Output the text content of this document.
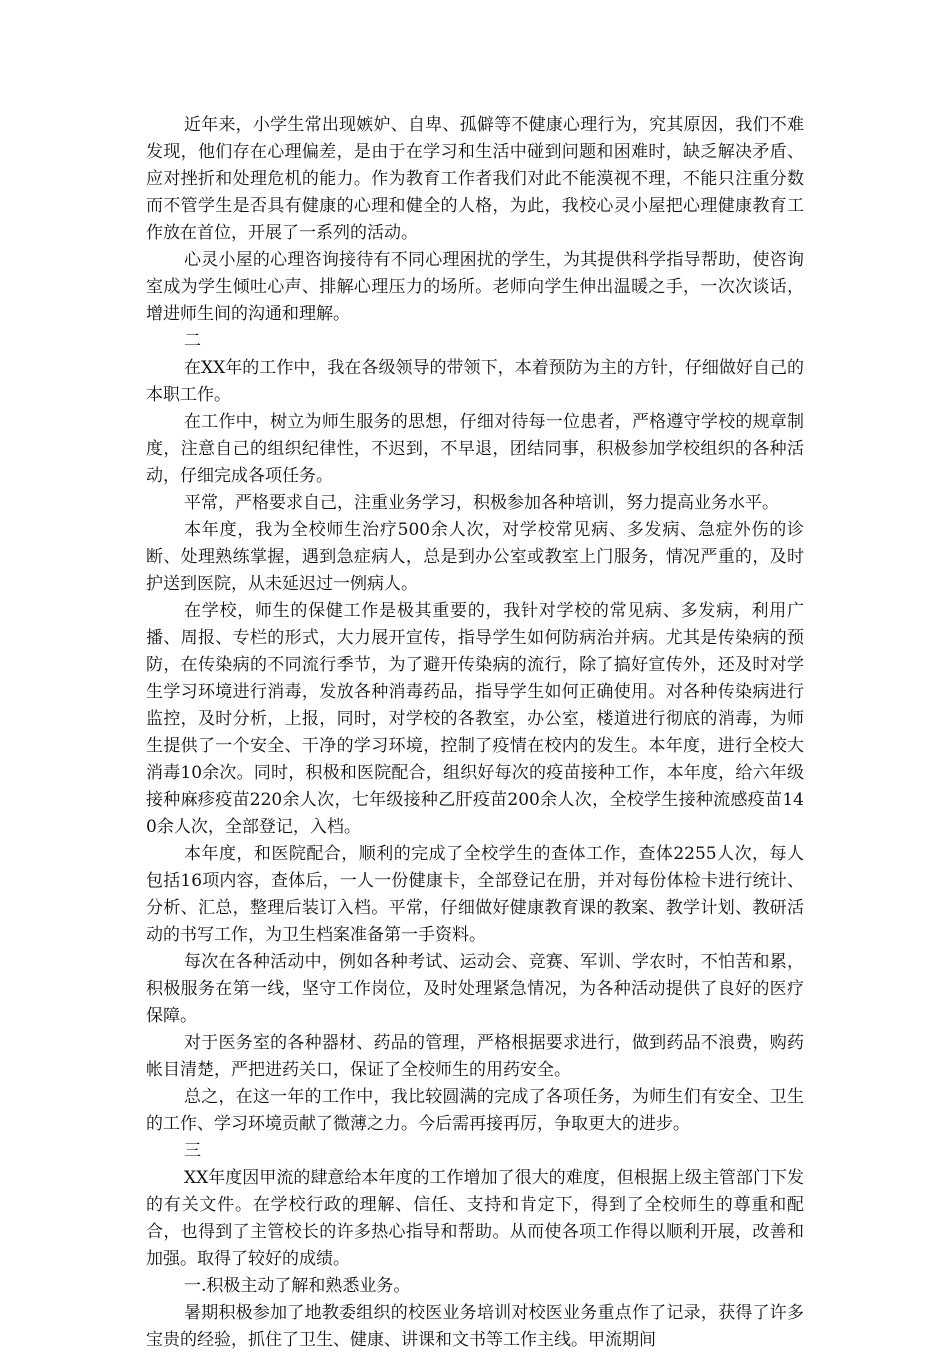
近年来，小学生常出现嫉妒、自卑、孤僻等不健康心理行为，究其原因，我们不难发现，他们存在心理偏差，是由于在学习和生活中碰到问题和困难时，缺乏解决矛盾、应对挫折和处理危机的能力。作为教育工作者我们对此不能漠视不理，不能只注重分数而不管学生是否具有健康的心理和健全的人格，为此，我校心灵小屋把心理健康教育工作放在首位，开展了一系列的活动。

心灵小屋的心理咨询接待有不同心理困扰的学生，为其提供科学指导帮助，使咨询室成为学生倾吐心声、排解心理压力的场所。老师向学生伸出温暖之手，一次次谈话，增进师生间的沟通和理解。

二

在XX年的工作中，我在各级领导的带领下，本着预防为主的方针，仔细做好自己的本职工作。

在工作中，树立为师生服务的思想，仔细对待每一位患者，严格遵守学校的规章制度，注意自己的组织纪律性，不迟到，不早退，团结同事，积极参加学校组织的各种活动，仔细完成各项任务。

平常，严格要求自己，注重业务学习，积极参加各种培训，努力提高业务水平。

本年度，我为全校师生治疗500余人次，对学校常见病、多发病、急症外伤的诊断、处理熟练掌握，遇到急症病人，总是到办公室或教室上门服务，情况严重的，及时护送到医院，从未延迟过一例病人。

在学校，师生的保健工作是极其重要的，我针对学校的常见病、多发病，利用广播、周报、专栏的形式，大力展开宣传，指导学生如何防病治并病。尤其是传染病的预防，在传染病的不同流行季节，为了避开传染病的流行，除了搞好宣传外，还及时对学生学习环境进行消毒，发放各种消毒药品，指导学生如何正确使用。对各种传染病进行监控，及时分析，上报，同时，对学校的各教室，办公室，楼道进行彻底的消毒，为师生提供了一个安全、干净的学习环境，控制了疫情在校内的发生。本年度，进行全校大消毒10余次。同时，积极和医院配合，组织好每次的疫苗接种工作，本年度，给六年级接种麻疹疫苗220余人次，七年级接种乙肝疫苗200余人次，全校学生接种流感疫苗140余人次，全部登记，入档。

本年度，和医院配合，顺利的完成了全校学生的查体工作，查体2255人次，每人包括16项内容，查体后，一人一份健康卡，全部登记在册，并对每份体检卡进行统计、分析、汇总，整理后装订入档。平常，仔细做好健康教育课的教案、教学计划、教研活动的书写工作，为卫生档案准备第一手资料。

每次在各种活动中，例如各种考试、运动会、竞赛、军训、学农时，不怕苦和累，积极服务在第一线，坚守工作岗位，及时处理紧急情况，为各种活动提供了良好的医疗保障。

对于医务室的各种器材、药品的管理，严格根据要求进行，做到药品不浪费，购药帐目清楚，严把进药关口，保证了全校师生的用药安全。

总之，在这一年的工作中，我比较圆满的完成了各项任务，为师生们有安全、卫生的工作、学习环境贡献了微薄之力。今后需再接再厉，争取更大的进步。

三

XX年度因甲流的肆意给本年度的工作增加了很大的难度，但根据上级主管部门下发的有关文件。在学校行政的理解、信任、支持和肯定下，得到了全校师生的尊重和配合，也得到了主管校长的许多热心指导和帮助。从而使各项工作得以顺利开展，改善和加强。取得了较好的成绩。

一.积极主动了解和熟悉业务。

暑期积极参加了地教委组织的校医业务培训对校医业务重点作了记录，获得了许多宝贵的经验，抓住了卫生、健康、讲课和文书等工作主线。甲流期间
